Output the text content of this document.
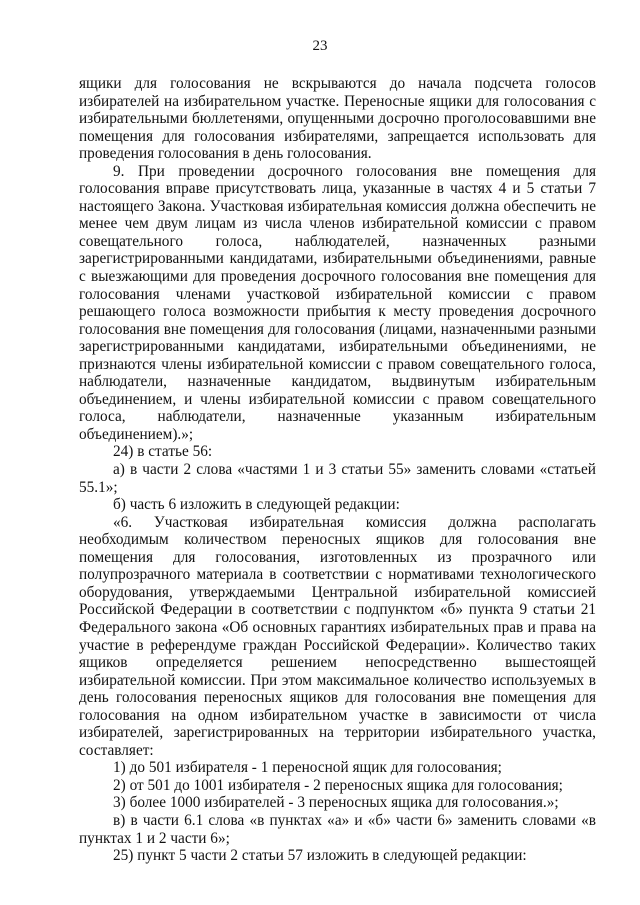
23

ящики для голосования не вскрываются до начала подсчета голосов избирателей на избирательном участке. Переносные ящики для голосования с избирательными бюллетенями, опущенными досрочно проголосовавшими вне помещения для голосования избирателями, запрещается использовать для проведения голосования в день голосования.

9. При проведении досрочного голосования вне помещения для голосования вправе присутствовать лица, указанные в частях 4 и 5 статьи 7 настоящего Закона. Участковая избирательная комиссия должна обеспечить не менее чем двум лицам из числа членов избирательной комиссии с правом совещательного голоса, наблюдателей, назначенных разными зарегистрированными кандидатами, избирательными объединениями, равные с выезжающими для проведения досрочного голосования вне помещения для голосования членами участковой избирательной комиссии с правом решающего голоса возможности прибытия к месту проведения досрочного голосования вне помещения для голосования (лицами, назначенными разными зарегистрированными кандидатами, избирательными объединениями, не признаются члены избирательной комиссии с правом совещательного голоса, наблюдатели, назначенные кандидатом, выдвинутым избирательным объединением, и члены избирательной комиссии с правом совещательного голоса, наблюдатели, назначенные указанным избирательным объединением).»;

24) в статье 56:

а) в части 2 слова «частями 1 и 3 статьи 55» заменить словами «статьей 55.1»;

б) часть 6 изложить в следующей редакции:

«6. Участковая избирательная комиссия должна располагать необходимым количеством переносных ящиков для голосования вне помещения для голосования, изготовленных из прозрачного или полупрозрачного материала в соответствии с нормативами технологического оборудования, утверждаемыми Центральной избирательной комиссией Российской Федерации в соответствии с подпунктом «б» пункта 9 статьи 21 Федерального закона «Об основных гарантиях избирательных прав и права на участие в референдуме граждан Российской Федерации». Количество таких ящиков определяется решением непосредственно вышестоящей избирательной комиссии. При этом максимальное количество используемых в день голосования переносных ящиков для голосования вне помещения для голосования на одном избирательном участке в зависимости от числа избирателей, зарегистрированных на территории избирательного участка, составляет:

1) до 501 избирателя - 1 переносной ящик для голосования;

2) от 501 до 1001 избирателя - 2 переносных ящика для голосования;

3) более 1000 избирателей - 3 переносных ящика для голосования.»;

в) в части 6.1 слова «в пунктах «а» и «б» части 6» заменить словами «в пунктах 1 и 2 части 6»;

25) пункт 5 части 2 статьи 57 изложить в следующей редакции:
